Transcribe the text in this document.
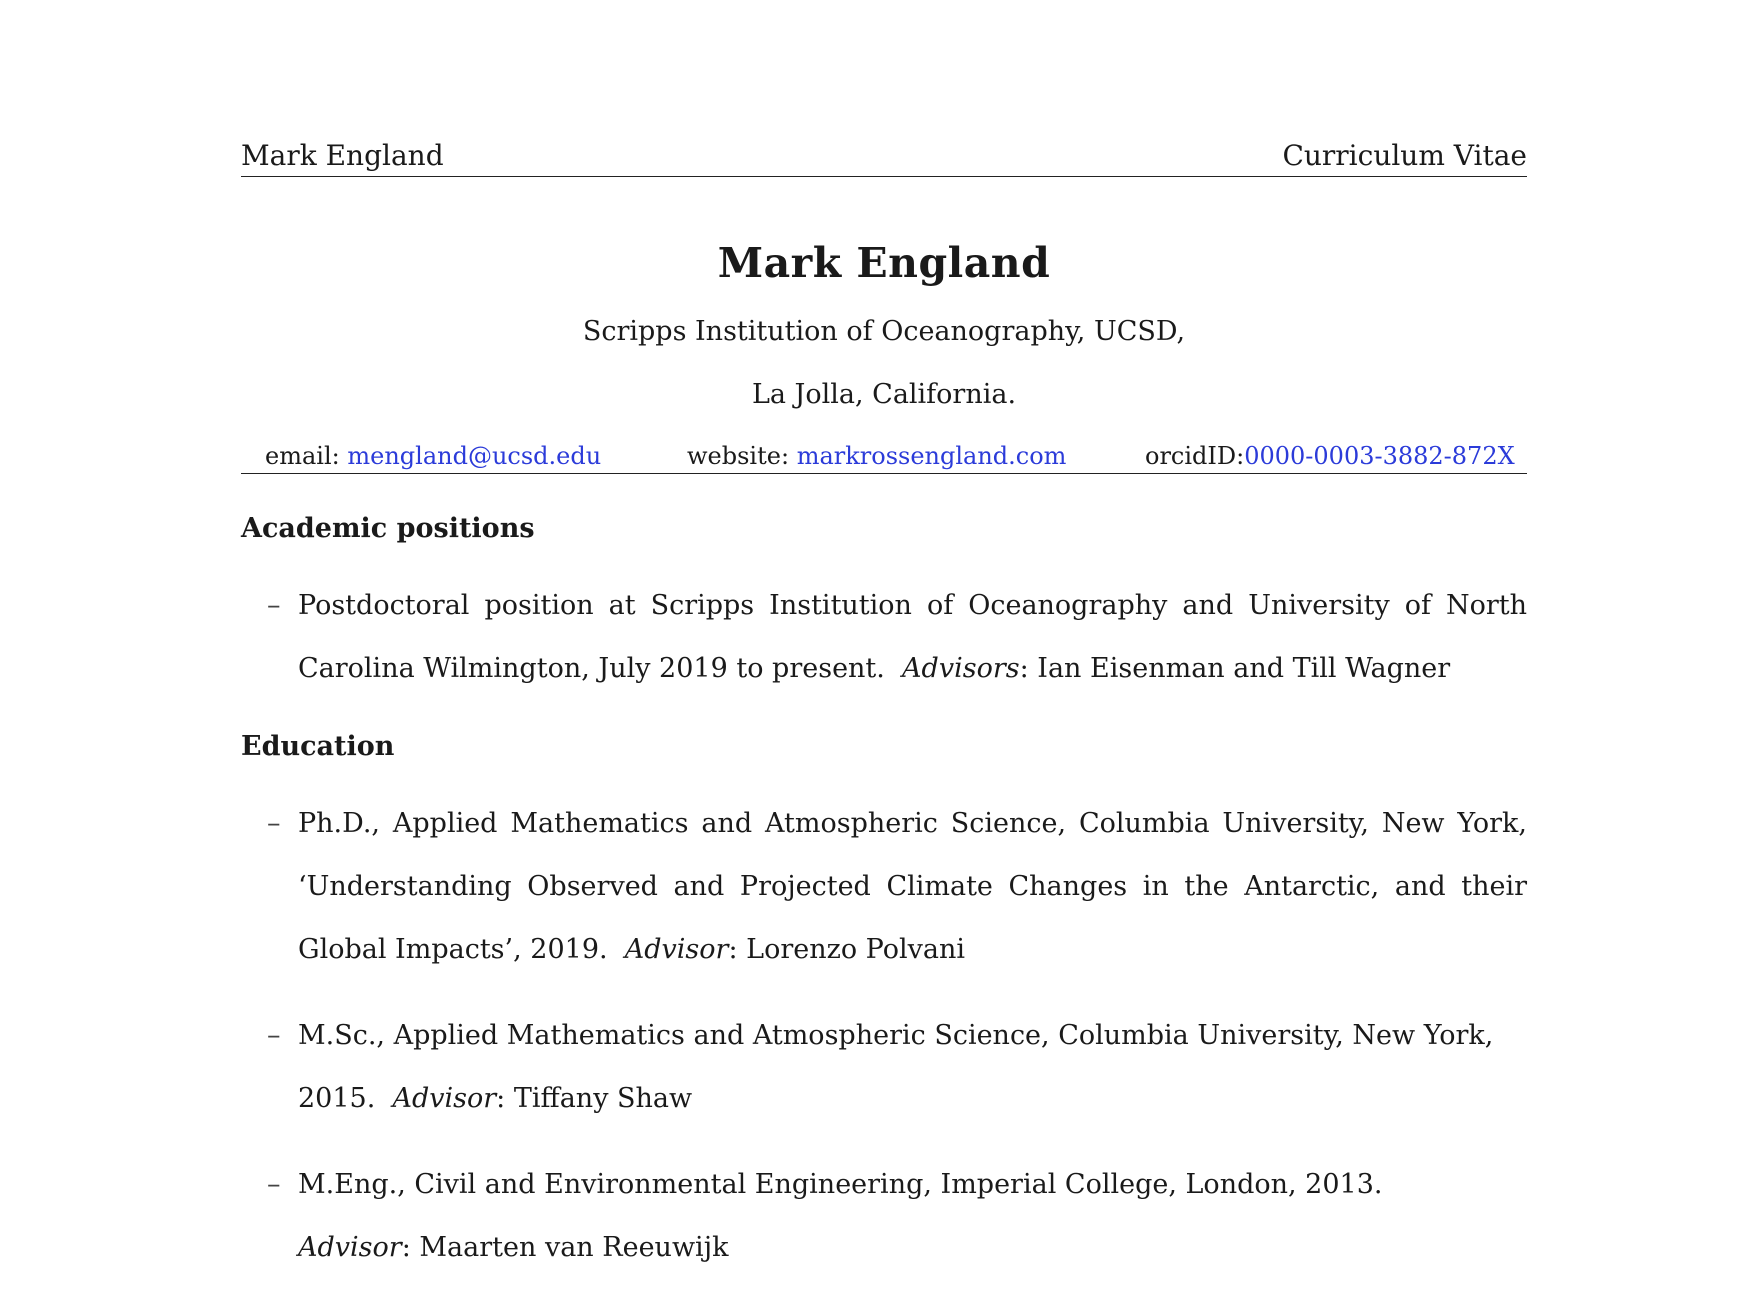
Mark England	Curriculum Vitae
Mark England
Scripps Institution of Oceanography, UCSD,
La Jolla, California.
email: mengland@ucsd.edu	website: markrossengland.com	orcidID:0000-0003-3882-872X
Academic positions
– Postdoctoral position at Scripps Institution of Oceanography and University of North Carolina Wilmington, July 2019 to present. Advisors: Ian Eisenman and Till Wagner
Education
– Ph.D., Applied Mathematics and Atmospheric Science, Columbia University, New York, ‘Understanding Observed and Projected Climate Changes in the Antarctic, and their Global Impacts’, 2019. Advisor: Lorenzo Polvani
– M.Sc., Applied Mathematics and Atmospheric Science, Columbia University, New York, 2015. Advisor: Tiffany Shaw
– M.Eng., Civil and Environmental Engineering, Imperial College, London, 2013.
Advisor: Maarten van Reeuwijk
